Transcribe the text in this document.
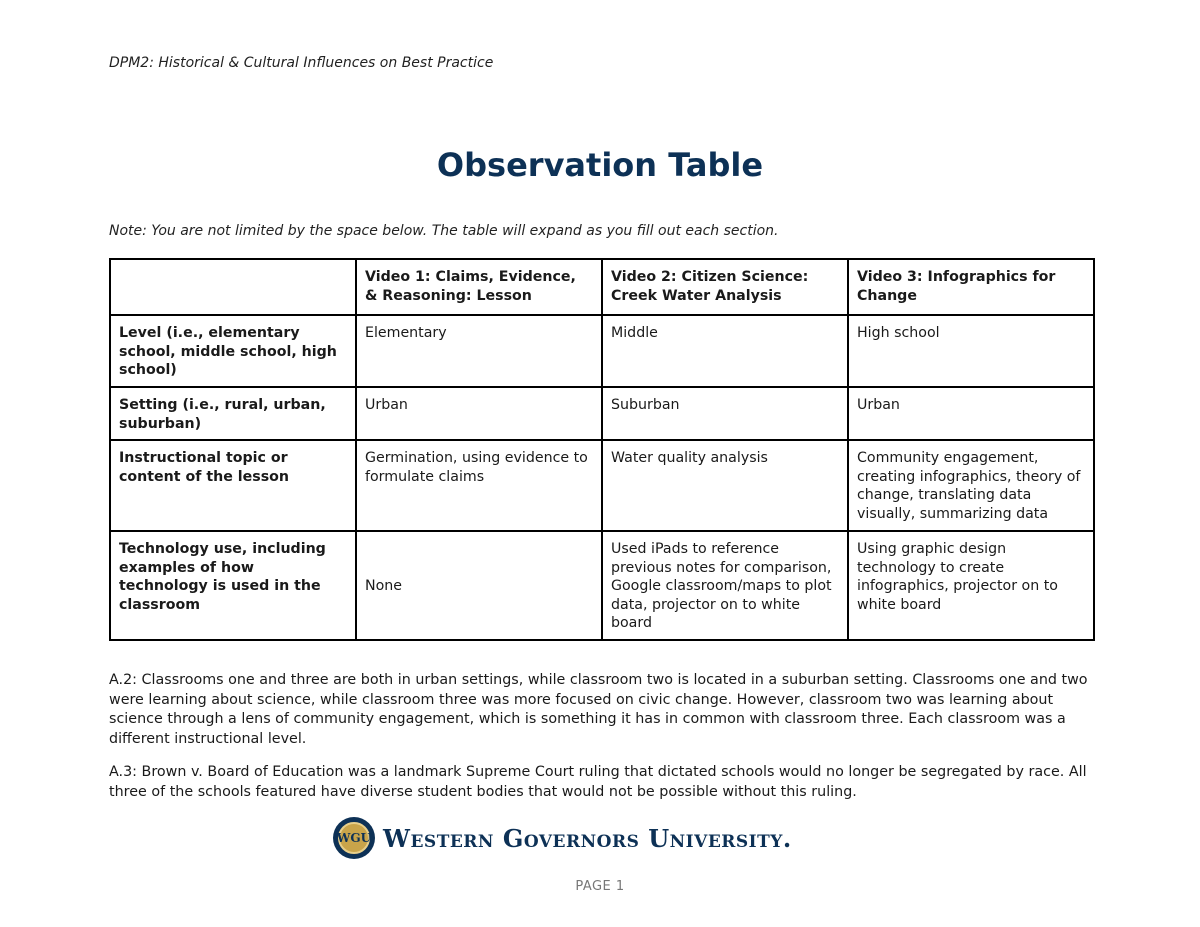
DPM2: Historical & Cultural Influences on Best Practice
Observation Table
Note: You are not limited by the space below. The table will expand as you fill out each section.
	Video 1: Claims, Evidence, & Reasoning: Lesson	Video 2: Citizen Science: Creek Water Analysis	Video 3: Infographics for Change
Level (i.e., elementary school, middle school, high school)	Elementary	Middle	High school
Setting (i.e., rural, urban, suburban)	Urban	Suburban	Urban
Instructional topic or content of the lesson	Germination, using evidence to formulate claims	Water quality analysis	Community engagement, creating infographics, theory of change, translating data visually, summarizing data
Technology use, including examples of how technology is used in the classroom	None	Used iPads to reference previous notes for comparison, Google classroom/maps to plot data, projector on to white board	Using graphic design technology to create infographics, projector on to white board
A.2: Classrooms one and three are both in urban settings, while classroom two is located in a suburban setting. Classrooms one and two were learning about science, while classroom three was more focused on civic change. However, classroom two was learning about science through a lens of community engagement, which is something it has in common with classroom three. Each classroom was a different instructional level.
A.3: Brown v. Board of Education was a landmark Supreme Court ruling that dictated schools would no longer be segregated by race. All three of the schools featured have diverse student bodies that would not be possible without this ruling.
WGU Western Governors University.
PAGE 1
